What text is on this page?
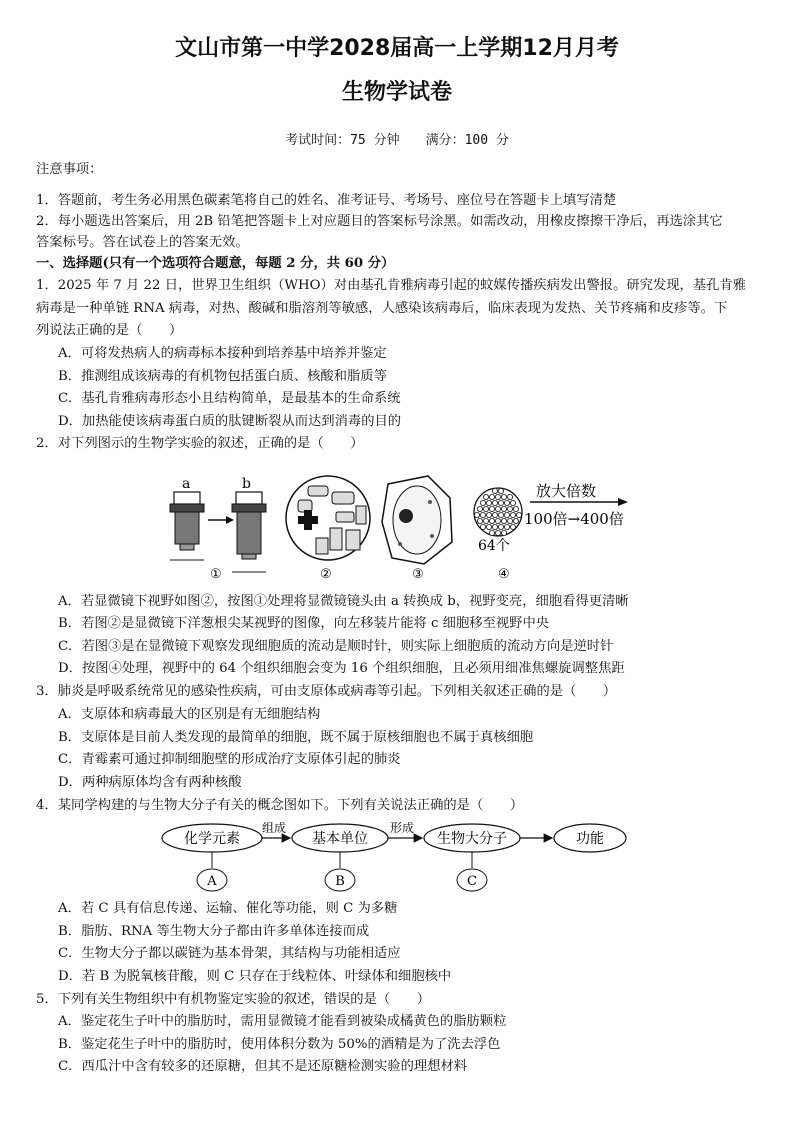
文山市第一中学2028届高一上学期12月月考
生物学试卷
考试时间：75 分钟　　满分：100 分
注意事项：
1．答题前，考生务必用黑色碳素笔将自己的姓名、准考证号、考场号、座位号在答题卡上填写清楚
2．每小题选出答案后，用 2B 铅笔把答题卡上对应题目的答案标号涂黑。如需改动，用橡皮擦擦干净后，再选涂其它
答案标号。答在试卷上的答案无效。
一、选择题(只有一个选项符合题意，每题 2 分，共 60 分）
1．2025 年 7 月 22 日，世界卫生组织（WHO）对由基孔肯雅病毒引起的蚊媒传播疾病发出警报。研究发现，基孔肯雅
病毒是一种单链 RNA 病毒，对热、酸碱和脂溶剂等敏感，人感染该病毒后，临床表现为发热、关节疼痛和皮疹等。下
列说法正确的是（　　）
A．可将发热病人的病毒标本接种到培养基中培养并鉴定
B．推测组成该病毒的有机物包括蛋白质、核酸和脂质等
C．基孔肯雅病毒形态小且结构简单，是最基本的生命系统
D．加热能使该病毒蛋白质的肽键断裂从而达到消毒的目的
2．对下列图示的生物学实验的叙述，正确的是（　　）
a	b
①	②	③
64个
放大倍数
100倍→400倍
④
A．若显微镜下视野如图②，按图①处理将显微镜镜头由 a 转换成 b，视野变亮，细胞看得更清晰
B．若图②是显微镜下洋葱根尖某视野的图像，向左移装片能将 c 细胞移至视野中央
C．若图③是在显微镜下观察发现细胞质的流动是顺时针，则实际上细胞质的流动方向是逆时针
D．按图④处理，视野中的 64 个组织细胞会变为 16 个组织细胞，且必须用细准焦螺旋调整焦距
3．肺炎是呼吸系统常见的感染性疾病，可由支原体或病毒等引起。下列相关叙述正确的是（　　）
A．支原体和病毒最大的区别是有无细胞结构
B．支原体是目前人类发现的最简单的细胞，既不属于原核细胞也不属于真核细胞
C．青霉素可通过抑制细胞壁的形成治疗支原体引起的肺炎
D．两种病原体均含有两种核酸
4．某同学构建的与生物大分子有关的概念图如下。下列有关说法正确的是（　　）
化学元素
组成
基本单位
形成
生物大分子	功能
A	B	C
A．若 C 具有信息传递、运输、催化等功能，则 C 为多糖
B．脂肪、RNA 等生物大分子都由许多单体连接而成
C．生物大分子都以碳链为基本骨架，其结构与功能相适应
D．若 B 为脱氧核苷酸，则 C 只存在于线粒体、叶绿体和细胞核中
5．下列有关生物组织中有机物鉴定实验的叙述，错误的是（　　）
A．鉴定花生子叶中的脂肪时，需用显微镜才能看到被染成橘黄色的脂肪颗粒
B．鉴定花生子叶中的脂肪时，使用体积分数为 50%的酒精是为了洗去浮色
C．西瓜汁中含有较多的还原糖，但其不是还原糖检测实验的理想材料
